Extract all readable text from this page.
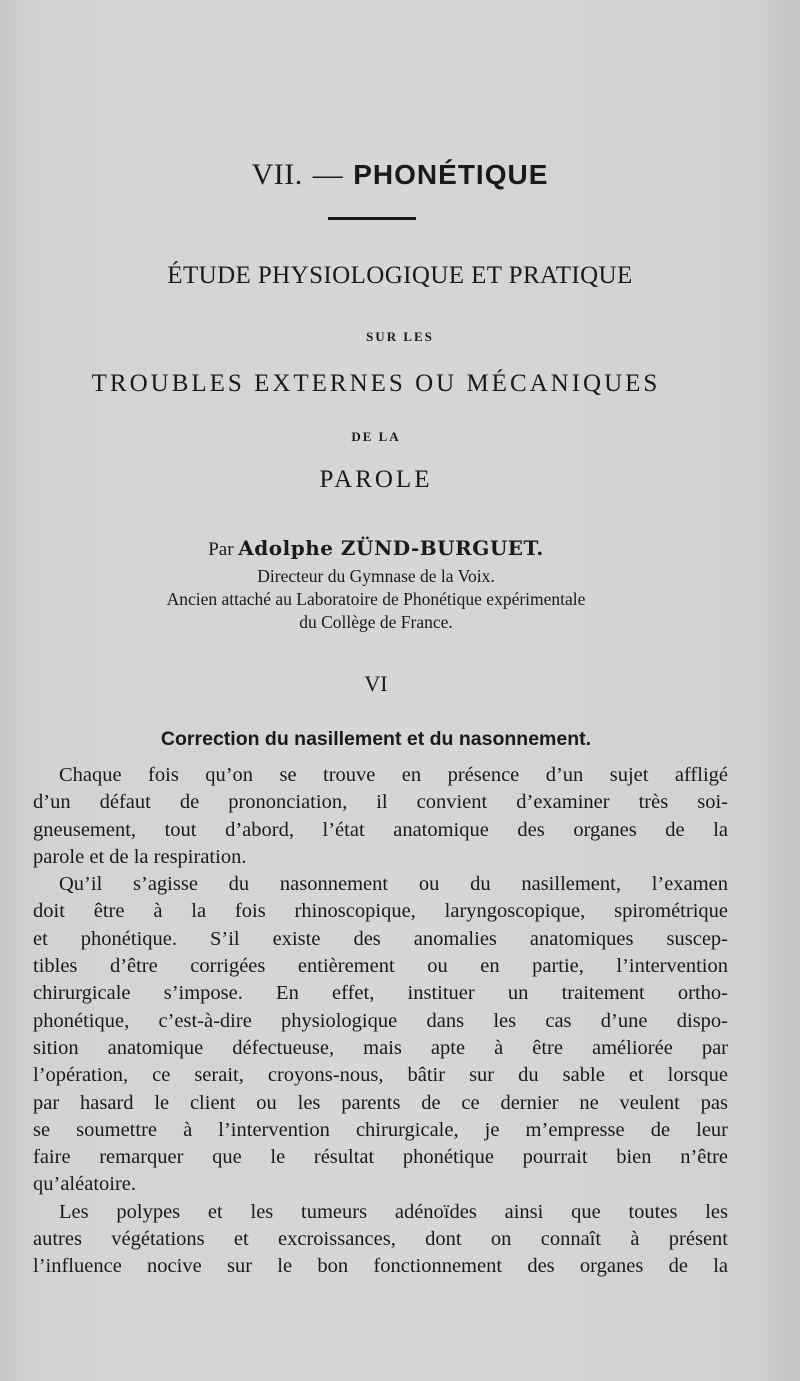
VII. — PHONÉTIQUE
ÉTUDE PHYSIOLOGIQUE ET PRATIQUE
SUR LES
TROUBLES EXTERNES OU MÉCANIQUES
DE LA
PAROLE
Par Adolphe ZÜND-BURGUET.
Directeur du Gymnase de la Voix.
Ancien attaché au Laboratoire de Phonétique expérimentale
du Collège de France.
VI
Correction du nasillement et du nasonnement.
Chaque fois qu’on se trouve en présence d’un sujet affligé
d’un défaut de prononciation, il convient d’examiner très soi-
gneusement, tout d’abord, l’état anatomique des organes de la
parole et de la respiration.
Qu’il s’agisse du nasonnement ou du nasillement, l’examen
doit être à la fois rhinoscopique, laryngoscopique, spirométrique
et phonétique. S’il existe des anomalies anatomiques suscep-
tibles d’être corrigées entièrement ou en partie, l’intervention
chirurgicale s’impose. En effet, instituer un traitement ortho-
phonétique, c’est-à-dire physiologique dans les cas d’une dispo-
sition anatomique défectueuse, mais apte à être améliorée par
l’opération, ce serait, croyons-nous, bâtir sur du sable et lorsque
par hasard le client ou les parents de ce dernier ne veulent pas
se soumettre à l’intervention chirurgicale, je m’empresse de leur
faire remarquer que le résultat phonétique pourrait bien n’être
qu’aléatoire.
Les polypes et les tumeurs adénoïdes ainsi que toutes les
autres végétations et excroissances, dont on connaît à présent
l’influence nocive sur le bon fonctionnement des organes de la
